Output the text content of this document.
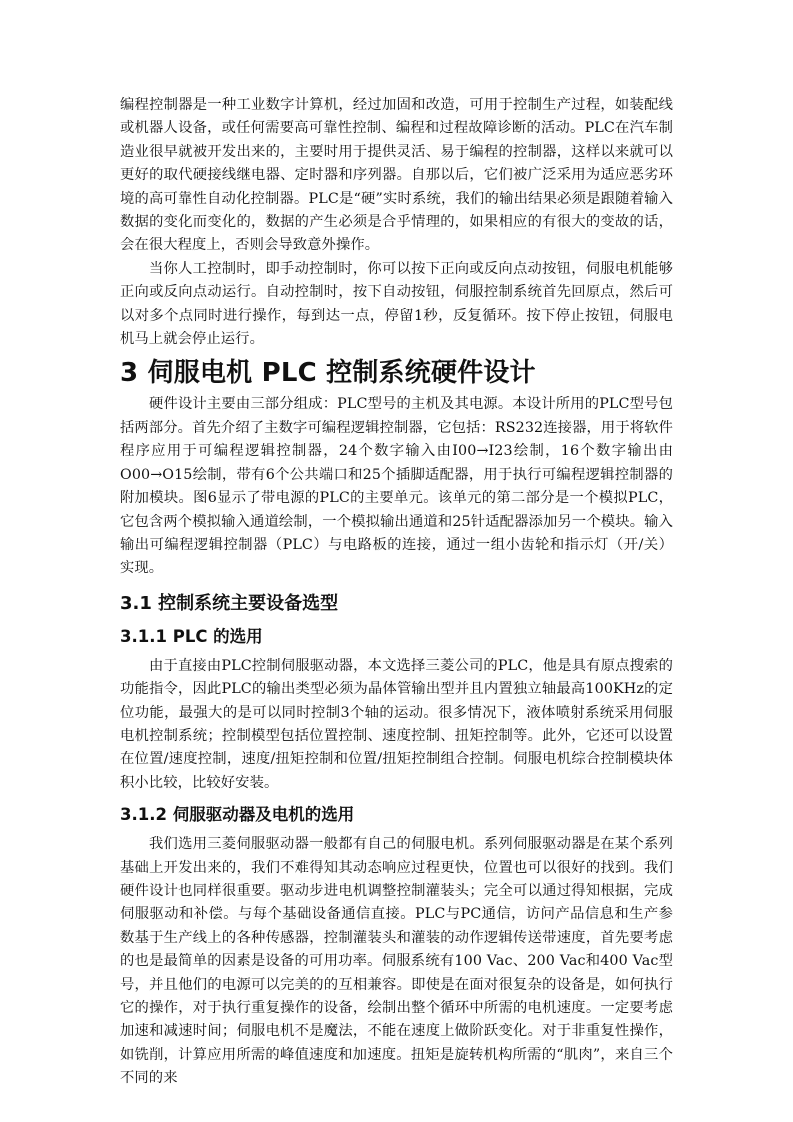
编程控制器是一种工业数字计算机，经过加固和改造，可用于控制生产过程，如装配线或机器人设备，或任何需要高可靠性控制、编程和过程故障诊断的活动。PLC在汽车制造业很早就被开发出来的，主要时用于提供灵活、易于编程的控制器，这样以来就可以更好的取代硬接线继电器、定时器和序列器。自那以后，它们被广泛采用为适应恶劣环境的高可靠性自动化控制器。PLC是“硬”实时系统，我们的输出结果必须是跟随着输入数据的变化而变化的，数据的产生必须是合乎情理的，如果相应的有很大的变故的话，会在很大程度上，否则会导致意外操作。

当你人工控制时，即手动控制时，你可以按下正向或反向点动按钮，伺服电机能够正向或反向点动运行。自动控制时，按下自动按钮，伺服控制系统首先回原点，然后可以对多个点同时进行操作，每到达一点，停留1秒，反复循环。按下停止按钮，伺服电机马上就会停止运行。

3 伺服电机 PLC 控制系统硬件设计

硬件设计主要由三部分组成：PLC型号的主机及其电源。本设计所用的PLC型号包括两部分。首先介绍了主数字可编程逻辑控制器，它包括：RS232连接器，用于将软件程序应用于可编程逻辑控制器，24个数字输入由I00→I23绘制，16个数字输出由O00→O15绘制，带有6个公共端口和25个插脚适配器，用于执行可编程逻辑控制器的附加模块。图6显示了带电源的PLC的主要单元。该单元的第二部分是一个模拟PLC，它包含两个模拟输入通道绘制，一个模拟输出通道和25针适配器添加另一个模块。输入输出可编程逻辑控制器（PLC）与电路板的连接，通过一组小齿轮和指示灯（开/关）实现。

3.1 控制系统主要设备选型
3.1.1 PLC 的选用

由于直接由PLC控制伺服驱动器，本文选择三菱公司的PLC，他是具有原点搜索的功能指令，因此PLC的输出类型必须为晶体管输出型并且内置独立轴最高100KHz的定位功能，最强大的是可以同时控制3个轴的运动。很多情况下，液体喷射系统采用伺服电机控制系统；控制模型包括位置控制、速度控制、扭矩控制等。此外，它还可以设置在位置/速度控制，速度/扭矩控制和位置/扭矩控制组合控制。伺服电机综合控制模块体积小比较，比较好安装。

3.1.2 伺服驱动器及电机的选用

我们选用三菱伺服驱动器一般都有自己的伺服电机。系列伺服驱动器是在某个系列基础上开发出来的，我们不难得知其动态响应过程更快，位置也可以很好的找到。我们硬件设计也同样很重要。驱动步进电机调整控制灌装头；完全可以通过得知根据，完成伺服驱动和补偿。与每个基础设备通信直接。PLC与PC通信，访问产品信息和生产参数基于生产线上的各种传感器，控制灌装头和灌装的动作逻辑传送带速度，首先要考虑的也是最简单的因素是设备的可用功率。伺服系统有100 Vac、200 Vac和400 Vac型号，并且他们的电源可以完美的的互相兼容。即使是在面对很复杂的设备是，如何执行它的操作，对于执行重复操作的设备，绘制出整个循环中所需的电机速度。一定要考虑加速和减速时间；伺服电机不是魔法，不能在速度上做阶跃变化。对于非重复性操作，如铣削，计算应用所需的峰值速度和加速度。扭矩是旋转机构所需的“肌肉”，来自三个不同的来
